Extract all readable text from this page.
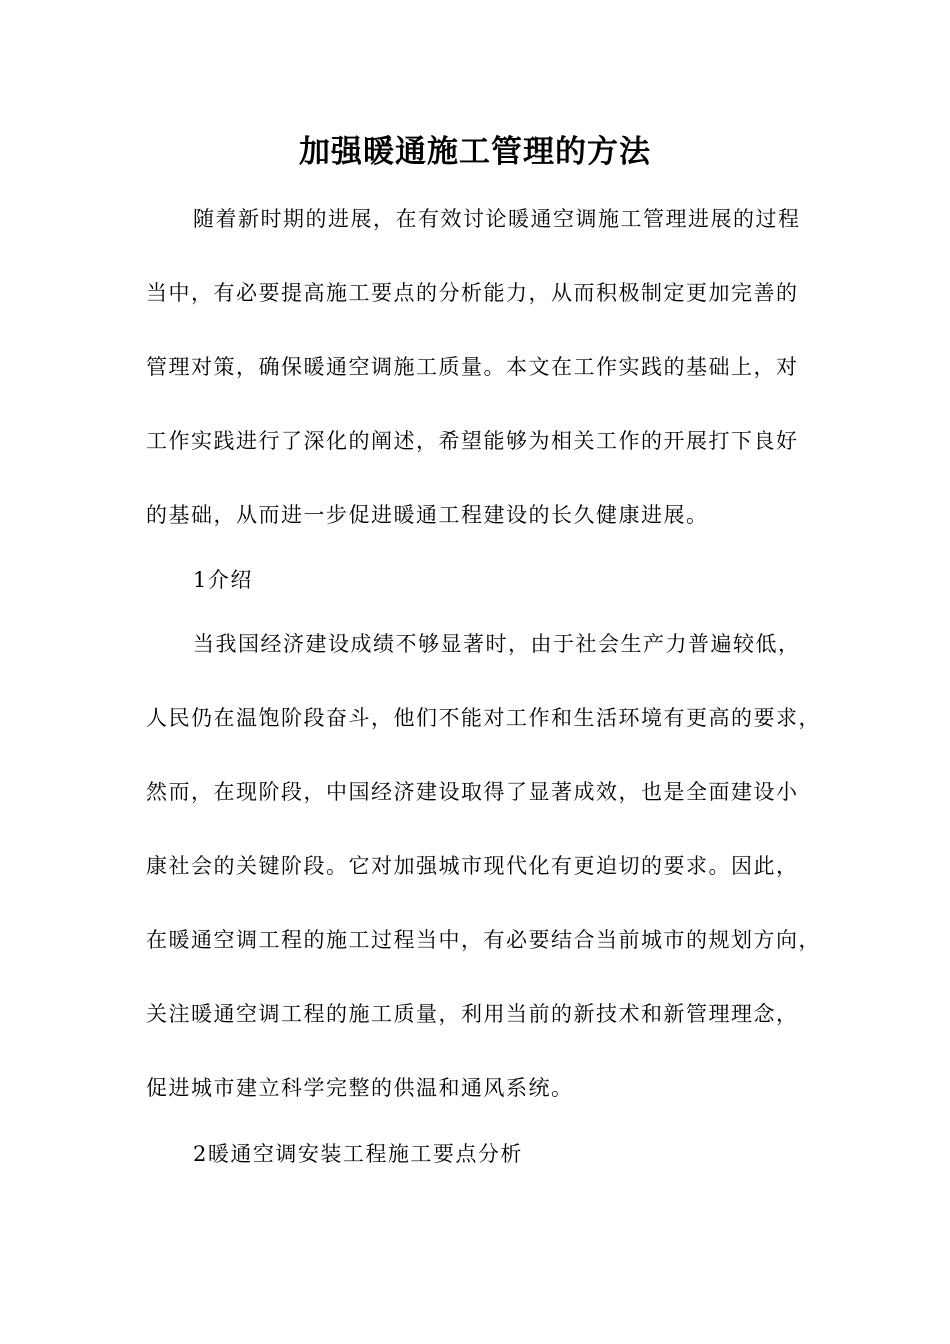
加强暖通施工管理的方法
随着新时期的进展，在有效讨论暖通空调施工管理进展的过程
当中，有必要提高施工要点的分析能力，从而积极制定更加完善的
管理对策，确保暖通空调施工质量。本文在工作实践的基础上，对
工作实践进行了深化的阐述，希望能够为相关工作的开展打下良好
的基础，从而进一步促进暖通工程建设的长久健康进展。
1介绍
当我国经济建设成绩不够显著时，由于社会生产力普遍较低，
人民仍在温饱阶段奋斗，他们不能对工作和生活环境有更高的要求，
然而，在现阶段，中国经济建设取得了显著成效，也是全面建设小
康社会的关键阶段。它对加强城市现代化有更迫切的要求。因此，
在暖通空调工程的施工过程当中，有必要结合当前城市的规划方向，
关注暖通空调工程的施工质量，利用当前的新技术和新管理理念，
促进城市建立科学完整的供温和通风系统。
2暖通空调安装工程施工要点分析
